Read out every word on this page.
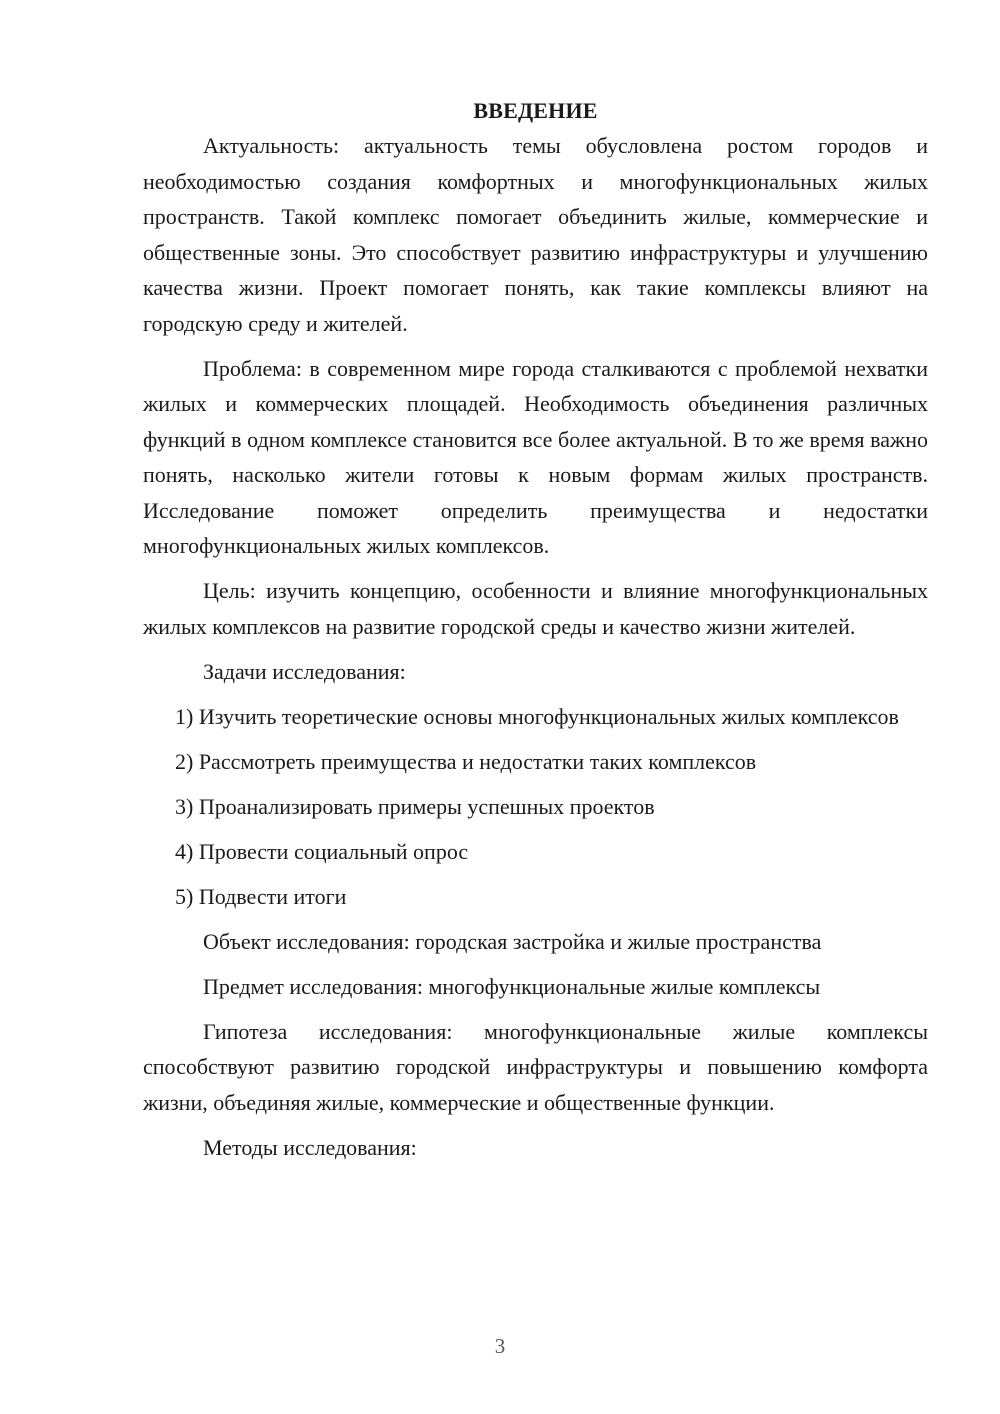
ВВЕДЕНИЕ

Актуальность: актуальность темы обусловлена ростом городов и необходимостью создания комфортных и многофункциональных жилых пространств. Такой комплекс помогает объединить жилые, коммерческие и общественные зоны. Это способствует развитию инфраструктуры и улучшению качества жизни. Проект помогает понять, как такие комплексы влияют на городскую среду и жителей.

Проблема: в современном мире города сталкиваются с проблемой нехватки жилых и коммерческих площадей. Необходимость объединения различных функций в одном комплексе становится все более актуальной. В то же время важно понять, насколько жители готовы к новым формам жилых пространств. Исследование поможет определить преимущества и недостатки многофункциональных жилых комплексов.

Цель: изучить концепцию, особенности и влияние многофункциональных жилых комплексов на развитие городской среды и качество жизни жителей.

Задачи исследования:

1) Изучить теоретические основы многофункциональных жилых комплексов

2) Рассмотреть преимущества и недостатки таких комплексов

3) Проанализировать примеры успешных проектов

4) Провести социальный опрос

5) Подвести итоги

Объект исследования: городская застройка и жилые пространства

Предмет исследования: многофункциональные жилые комплексы

Гипотеза исследования: многофункциональные жилые комплексы способствуют развитию городской инфраструктуры и повышению комфорта жизни, объединяя жилые, коммерческие и общественные функции.

Методы исследования:

3
